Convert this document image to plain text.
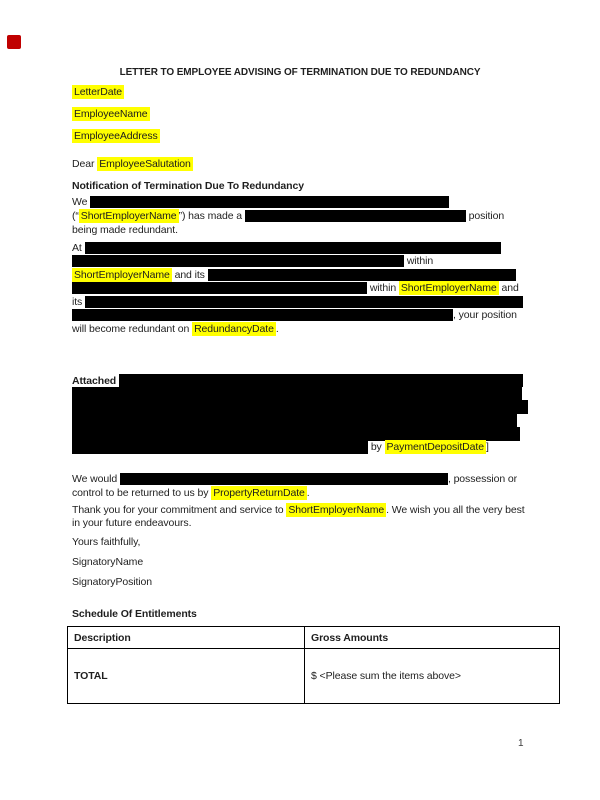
LETTER TO EMPLOYEE ADVISING OF TERMINATION DUE TO REDUNDANCY
LetterDate
EmployeeName
EmployeeAddress
Dear EmployeeSalutation
Notification of Termination Due To Redundancy
We
(“ ShortEmployerName ”) has made a	position
being made redundant.
At
within
ShortEmployerName and its
within ShortEmployerName and
its
, your position
will become redundant on RedundancyDate .
Attached
by PaymentDepositDate ]
We would	, possession or
control to be returned to us by PropertyReturnDate .
Thank you for your commitment and service to ShortEmployerName . We wish you all the very best
in your future endeavours.
Yours faithfully,
SignatoryName
SignatoryPosition
Schedule Of Entitlements
Description	Gross Amounts
TOTAL	$ <Please sum the items above>
1
